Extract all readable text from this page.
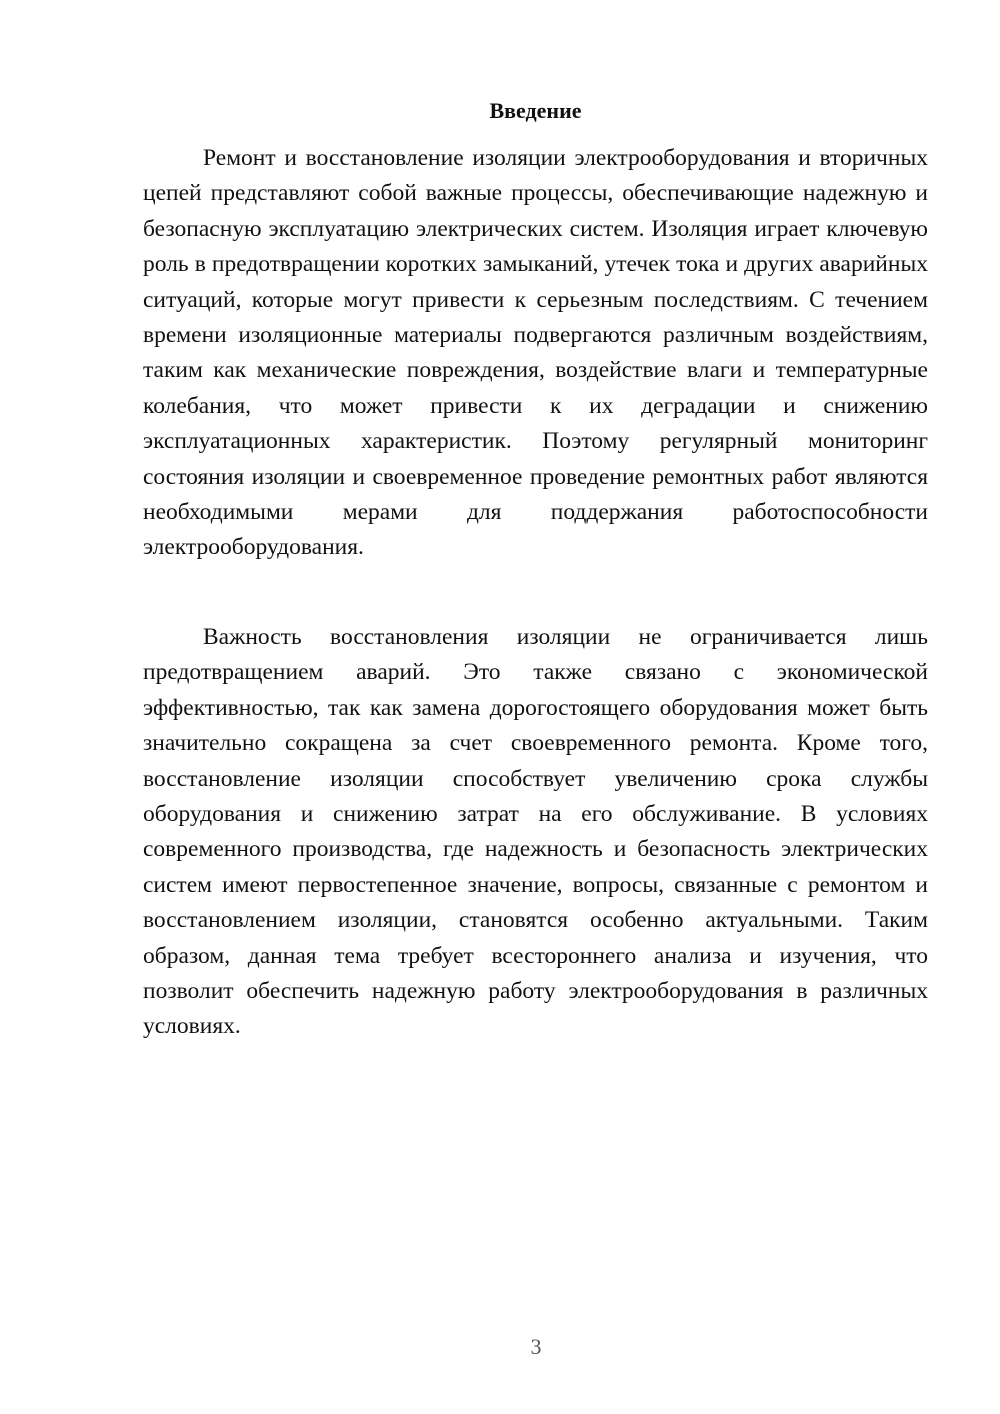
Введение

Ремонт и восстановление изоляции электрооборудования и вторичных цепей представляют собой важные процессы, обеспечивающие надежную и безопасную эксплуатацию электрических систем. Изоляция играет ключевую роль в предотвращении коротких замыканий, утечек тока и других аварийных ситуаций, которые могут привести к серьезным последствиям. С течением времени изоляционные материалы подвергаются различным воздействиям, таким как механические повреждения, воздействие влаги и температурные колебания, что может привести к их деградации и снижению эксплуатационных характеристик. Поэтому регулярный мониторинг состояния изоляции и своевременное проведение ремонтных работ являются необходимыми мерами для поддержания работоспособности электрооборудования.

Важность восстановления изоляции не ограничивается лишь предотвращением аварий. Это также связано с экономической эффективностью, так как замена дорогостоящего оборудования может быть значительно сокращена за счет своевременного ремонта. Кроме того, восстановление изоляции способствует увеличению срока службы оборудования и снижению затрат на его обслуживание. В условиях современного производства, где надежность и безопасность электрических систем имеют первостепенное значение, вопросы, связанные с ремонтом и восстановлением изоляции, становятся особенно актуальными. Таким образом, данная тема требует всестороннего анализа и изучения, что позволит обеспечить надежную работу электрооборудования в различных условиях.

3
